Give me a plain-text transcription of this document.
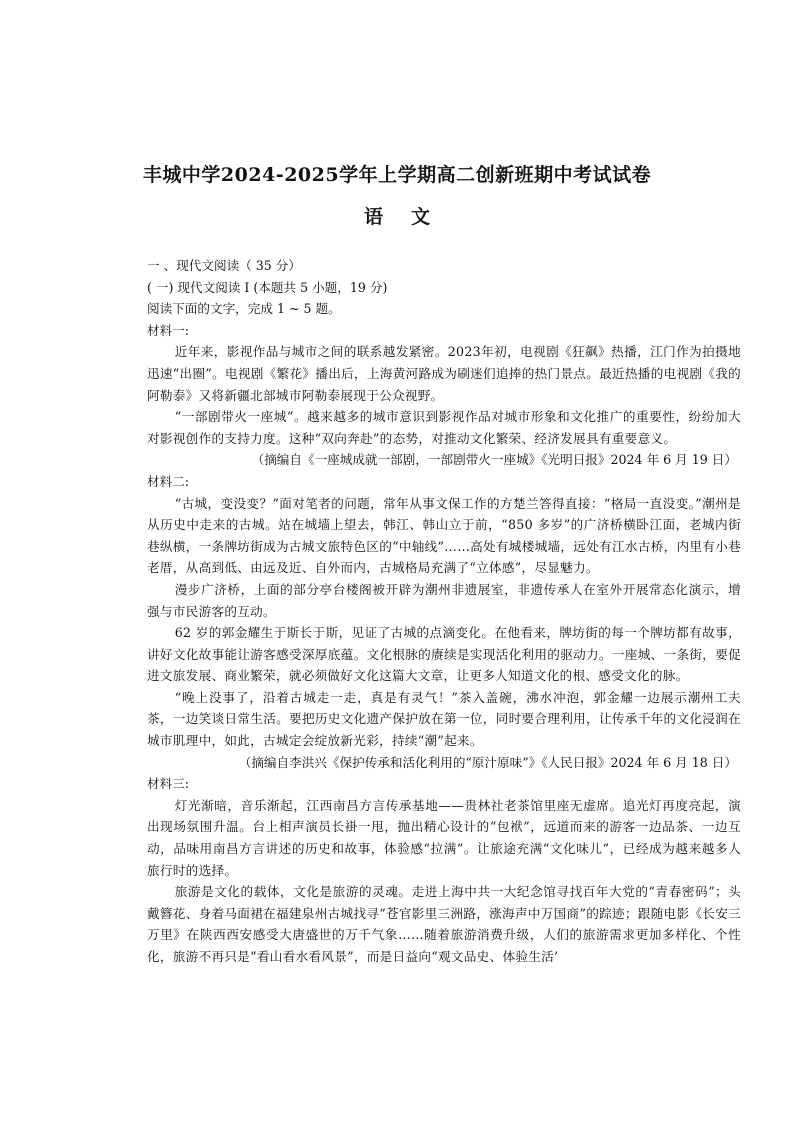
丰城中学2024-2025学年上学期高二创新班期中考试试卷
语 文

一 、现代文阅读（ 35 分）

( 一) 现代文阅读 I (本题共 5 小题，19 分)

阅读下面的文字，完成 1 ~ 5 题。

材料一:

近年来，影视作品与城市之间的联系越发紧密。2023年初，电视剧《狂飙》热播，江门作为拍摄地迅速“出圈”。电视剧《繁花》播出后，上海黄河路成为刷迷们追捧的热门景点。最近热播的电视剧《我的阿勒泰》又将新疆北部城市阿勒泰展现于公众视野。

“一部剧带火一座城”。越来越多的城市意识到影视作品对城市形象和文化推广的重要性，纷纷加大对影视创作的支持力度。这种“双向奔赴”的态势，对推动文化繁荣、经济发展具有重要意义。

（摘编自《一座城成就一部剧，一部剧带火一座城》《光明日报》2024 年 6 月 19 日）

材料二:

“古城，变没变？”面对笔者的问题，常年从事文保工作的方楚兰答得直接：“格局一直没变。”潮州是从历史中走来的古城。站在城墙上望去，韩江、韩山立于前，“850 多岁”的广济桥横卧江面，老城内街巷纵横，一条牌坊街成为古城文旅特色区的“中轴线”……高处有城楼城墙，远处有江水古桥，内里有小巷老厝，从高到低、由远及近、自外而内，古城格局充满了“立体感”，尽显魅力。

漫步广济桥，上面的部分亭台楼阁被开辟为潮州非遗展室，非遗传承人在室外开展常态化演示，增强与市民游客的互动。

62 岁的郭金耀生于斯长于斯，见证了古城的点滴变化。在他看来，牌坊街的每一个牌坊都有故事，讲好文化故事能让游客感受深厚底蕴。文化根脉的赓续是实现活化利用的驱动力。一座城、一条街，要促进文旅发展、商业繁荣，就必须做好文化这篇大文章，让更多人知道文化的根、感受文化的脉。

“晚上没事了，沿着古城走一走，真是有灵气！”茶入盖碗，沸水冲泡，郭金耀一边展示潮州工夫茶，一边笑谈日常生活。要把历史文化遗产保护放在第一位，同时要合理利用，让传承千年的文化浸润在城市肌理中，如此，古城定会绽放新光彩，持续“潮”起来。

（摘编自李洪兴《保护传承和活化利用的“原汁原味”》《人民日报》2024 年 6 月 18 日）

材料三:

灯光渐暗，音乐渐起，江西南昌方言传承基地——贵林社老茶馆里座无虚席。追光灯再度亮起，演出现场氛围升温。台上相声演员长褂一甩，抛出精心设计的“包袱”，远道而来的游客一边品茶、一边互动，品味用南昌方言讲述的历史和故事，体验感“拉满”。让旅途充满“文化味儿”，已经成为越来越多人旅行时的选择。

旅游是文化的载体，文化是旅游的灵魂。走进上海中共一大纪念馆寻找百年大党的“青春密码”；头戴簪花、身着马面裙在福建泉州古城找寻“苍官影里三洲路，涨海声中万国商”的踪迹；跟随电影《长安三万里》在陕西西安感受大唐盛世的万千气象……随着旅游消费升级，人们的旅游需求更加多样化、个性化，旅游不再只是“看山看水看风景”，而是日益向“观文品史、体验生活’
